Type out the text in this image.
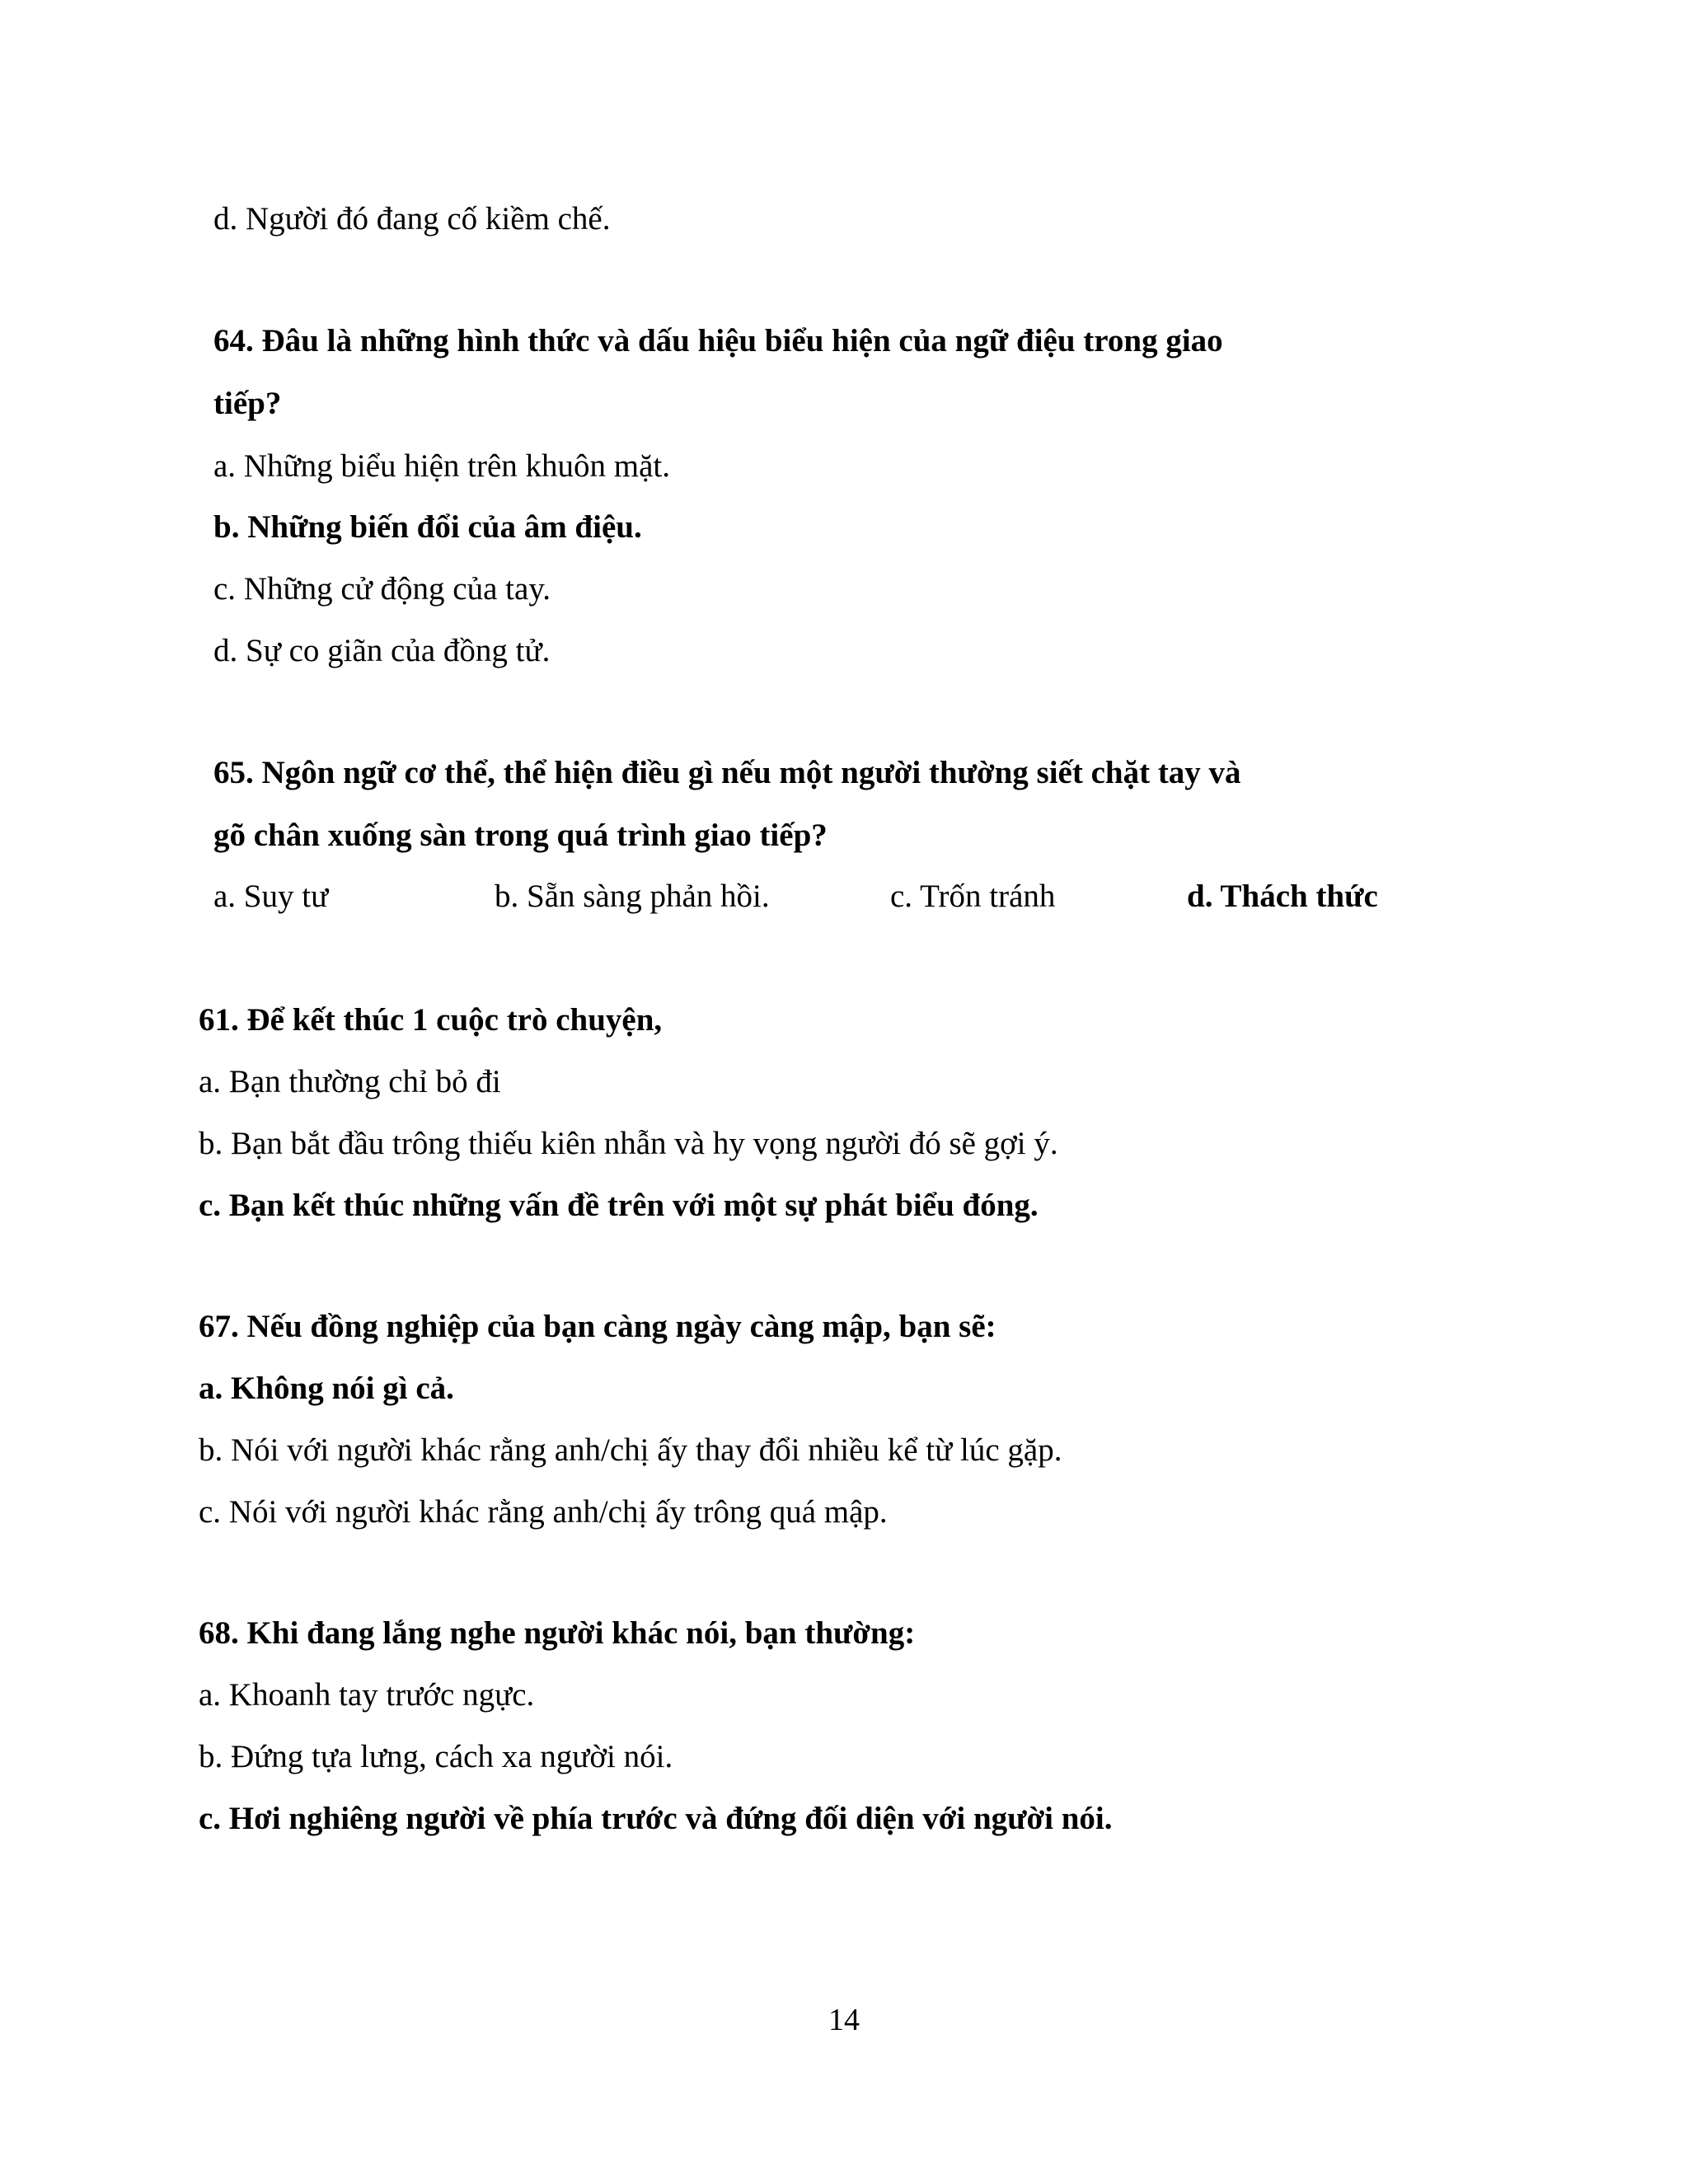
d. Người đó đang cố kiềm chế.
64. Đâu là những hình thức và dấu hiệu biểu hiện của ngữ điệu trong giao
tiếp?
a. Những biểu hiện trên khuôn mặt.
b. Những biến đổi của âm điệu.
c. Những cử động của tay.
d. Sự co giãn của đồng tử.
65. Ngôn ngữ cơ thể, thể hiện điều gì nếu một người thường siết chặt tay và
gõ chân xuống sàn trong quá trình giao tiếp?
a. Suy tư	b. Sẵn sàng phản hồi.	c. Trốn tránh	d. Thách thức
61. Để kết thúc 1 cuộc trò chuyện,
a. Bạn thường chỉ bỏ đi
b. Bạn bắt đầu trông thiếu kiên nhẫn và hy vọng người đó sẽ gợi ý.
c. Bạn kết thúc những vấn đề trên với một sự phát biểu đóng.
67. Nếu đồng nghiệp của bạn càng ngày càng mập, bạn sẽ:
a. Không nói gì cả.
b. Nói với người khác rằng anh/chị ấy thay đổi nhiều kể từ lúc gặp.
c. Nói với người khác rằng anh/chị ấy trông quá mập.
68. Khi đang lắng nghe người khác nói, bạn thường:
a. Khoanh tay trước ngực.
b. Đứng tựa lưng, cách xa người nói.
c. Hơi nghiêng người về phía trước và đứng đối diện với người nói.
14
